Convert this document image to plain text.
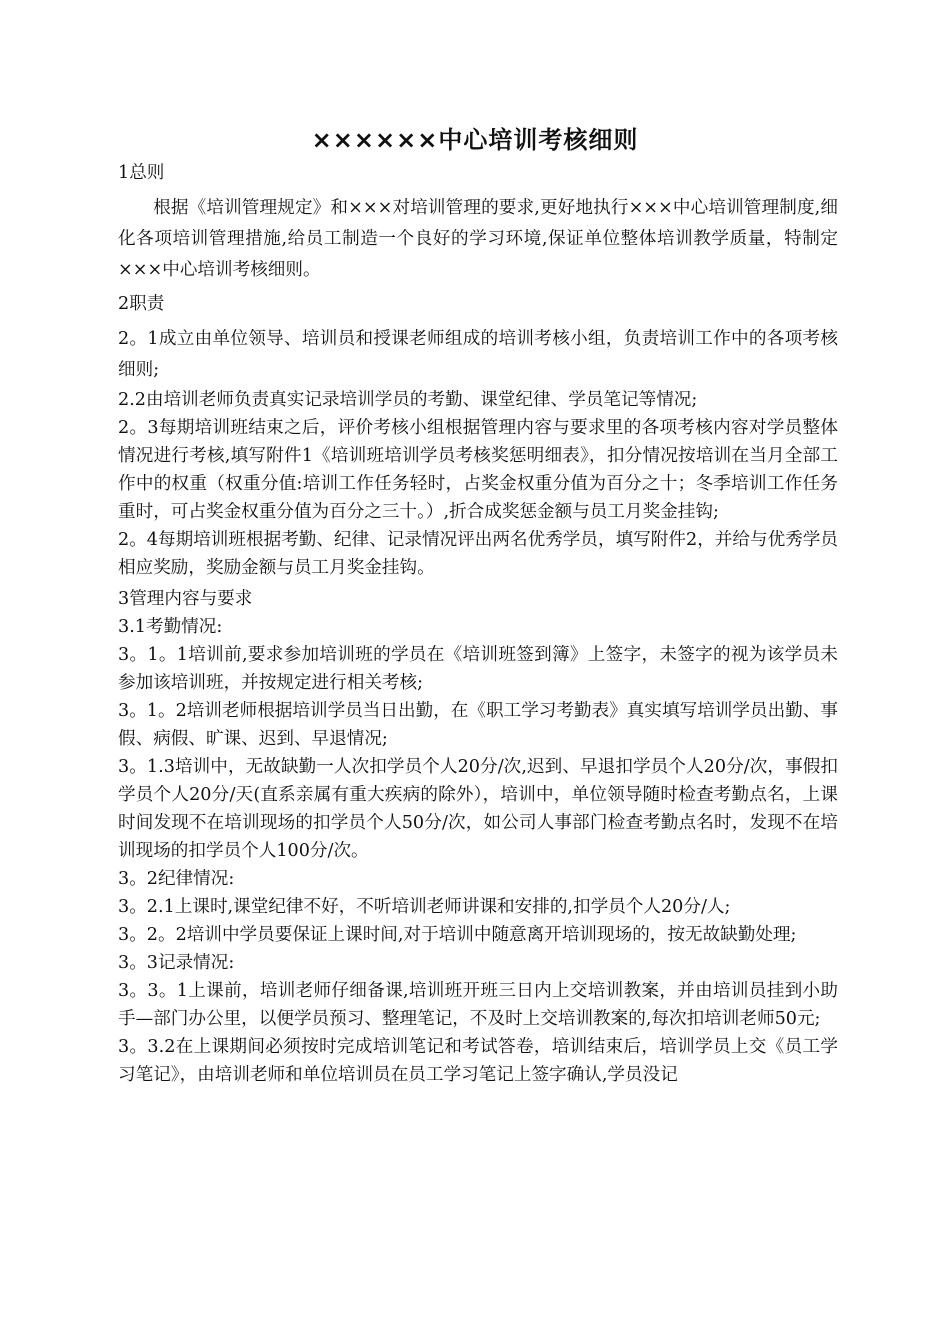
××××××中心培训考核细则

1总则

根据《培训管理规定》和×××对培训管理的要求,更好地执行×××中心培训管理制度,细化各项培训管理措施,给员工制造一个良好的学习环境,保证单位整体培训教学质量，特制定×××中心培训考核细则。

2职责

2。1成立由单位领导、培训员和授课老师组成的培训考核小组，负责培训工作中的各项考核细则;

2.2由培训老师负责真实记录培训学员的考勤、课堂纪律、学员笔记等情况;

2。3每期培训班结束之后，评价考核小组根据管理内容与要求里的各项考核内容对学员整体情况进行考核,填写附件1《培训班培训学员考核奖惩明细表》，扣分情况按培训在当月全部工作中的权重（权重分值:培训工作任务轻时，占奖金权重分值为百分之十；冬季培训工作任务重时，可占奖金权重分值为百分之三十。）,折合成奖惩金额与员工月奖金挂钩;

2。4每期培训班根据考勤、纪律、记录情况评出两名优秀学员，填写附件2，并给与优秀学员相应奖励，奖励金额与员工月奖金挂钩。

3管理内容与要求

3.1考勤情况:

3。1。1培训前,要求参加培训班的学员在《培训班签到簿》上签字，未签字的视为该学员未参加该培训班，并按规定进行相关考核;

3。1。2培训老师根据培训学员当日出勤，在《职工学习考勤表》真实填写培训学员出勤、事假、病假、旷课、迟到、早退情况;

3。1.3培训中，无故缺勤一人次扣学员个人20分/次,迟到、早退扣学员个人20分/次，事假扣学员个人20分/天(直系亲属有重大疾病的除外），培训中，单位领导随时检查考勤点名，上课时间发现不在培训现场的扣学员个人50分/次，如公司人事部门检查考勤点名时，发现不在培训现场的扣学员个人100分/次。

3。2纪律情况:

3。2.1上课时,课堂纪律不好，不听培训老师讲课和安排的,扣学员个人20分/人;

3。2。2培训中学员要保证上课时间,对于培训中随意离开培训现场的，按无故缺勤处理;

3。3记录情况:

3。3。1上课前，培训老师仔细备课,培训班开班三日内上交培训教案，并由培训员挂到小助手—部门办公里，以便学员预习、整理笔记，不及时上交培训教案的,每次扣培训老师50元;

3。3.2在上课期间必须按时完成培训笔记和考试答卷，培训结束后，培训学员上交《员工学习笔记》，由培训老师和单位培训员在员工学习笔记上签字确认,学员没记
